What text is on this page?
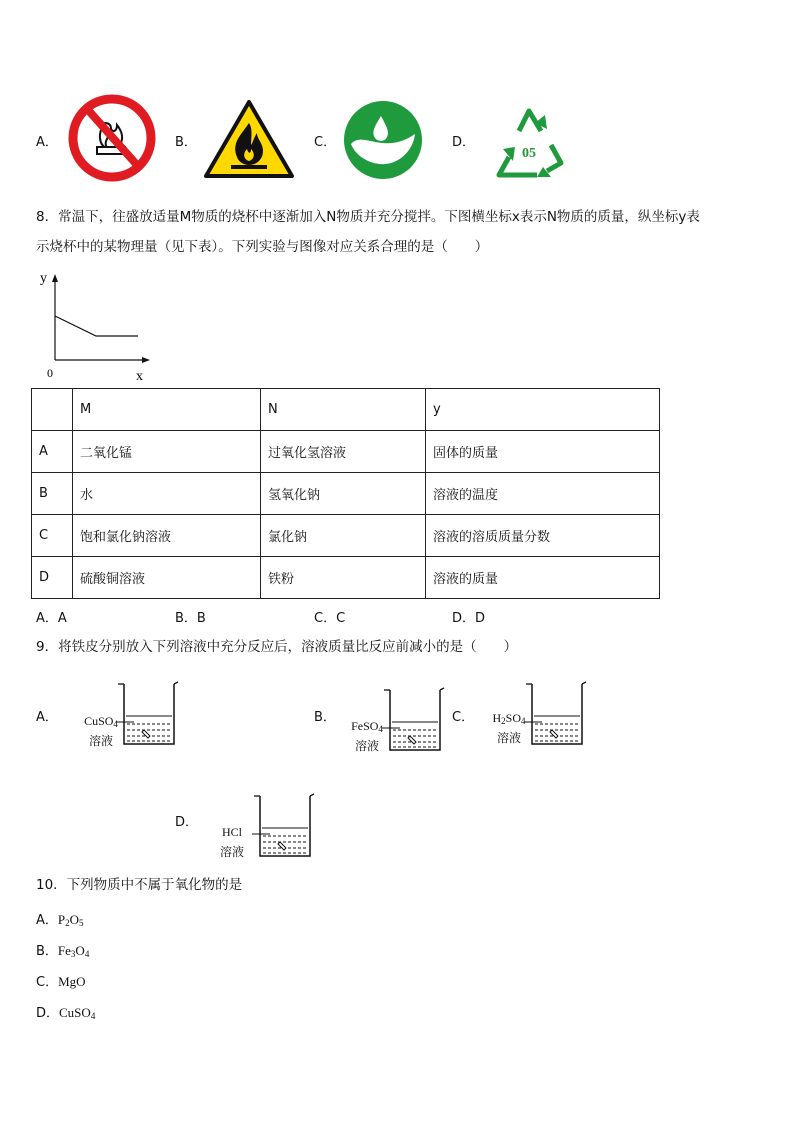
A．	B．	C．	D．
05
8．常温下，往盛放适量M物质的烧杯中逐渐加入N物质并充分搅拌。下图横坐标x表示N物质的质量，纵坐标y表
示烧杯中的某物理量（见下表）。下列实验与图像对应关系合理的是（　　）
y
x
0
	M	N	y
A	二氧化锰	过氧化氢溶液	固体的质量
B	水	氢氧化钠	溶液的温度
C	饱和氯化钠溶液	氯化钠	溶液的溶质质量分数
D	硫酸铜溶液	铁粉	溶液的质量
A．A	B．B	C．C	D．D
9．将铁皮分别放入下列溶液中充分反应后，溶液质量比反应前减小的是（　　）
A．	CuSO$_4$
溶液
B．
FeSO$_4$
溶液
C．	$H_2SO_4$
溶液
D．
HCl
溶液
10．下列物质中不属于氧化物的是
A．$P_2O_5$
B．$Fe_3O_4$
C．MgO
D．CuSO$_4$
